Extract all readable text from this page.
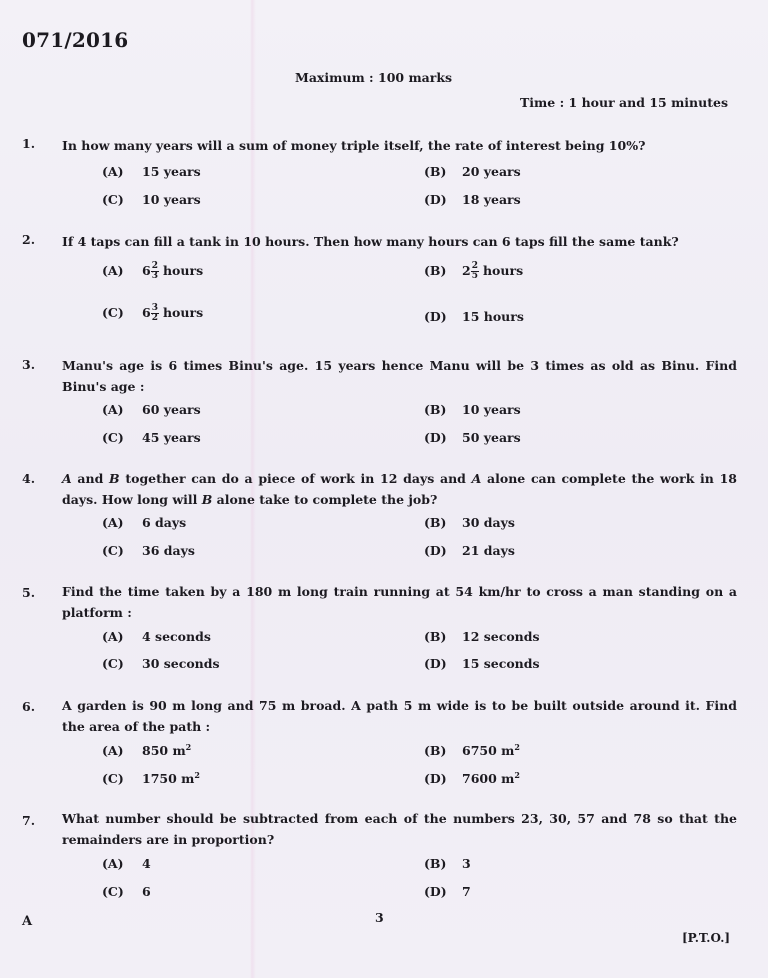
071/2016
Maximum : 100 marks
Time : 1 hour and 15 minutes
1. In how many years will a sum of money triple itself, the rate of interest being 10%?
(A) 15 years	(B) 20 years
(C) 10 years	(D) 18 years
2. If 4 taps can fill a tank in 10 hours. Then how many hours can 6 taps fill the same tank?
(A) $6 \frac{2}{3}$ hours	(B) $2 \frac{2}{5}$ hours
(C) $6 \frac{3}{2}$ hours	(D) 15 hours
3. Manu's age is 6 times Binu's age. 15 years hence Manu will be 3 times as old as Binu. Find Binu's age :
(A) 60 years	(B) 10 years
(C) 45 years	(D) 50 years
4. A and B together can do a piece of work in 12 days and A alone can complete the work in 18 days. How long will B alone take to complete the job?
(A) 6 days	(B) 30 days
(C) 36 days	(D) 21 days
5. Find the time taken by a 180 m long train running at 54 km/hr to cross a man standing on a platform :
(A) 4 seconds	(B) 12 seconds
(C) 30 seconds	(D) 15 seconds
6. A garden is 90 m long and 75 m broad. A path 5 m wide is to be built outside around it. Find the area of the path :
(A) 850 $m^2$	(B) 6750 $m^2$
(C) 1750 $m^2$	(D) 7600 $m^2$
7. What number should be subtracted from each of the numbers 23, 30, 57 and 78 so that the remainders are in proportion?
(A) 4	(B) 3
(C) 6	(D) 7
A	3
[P.T.O.]
